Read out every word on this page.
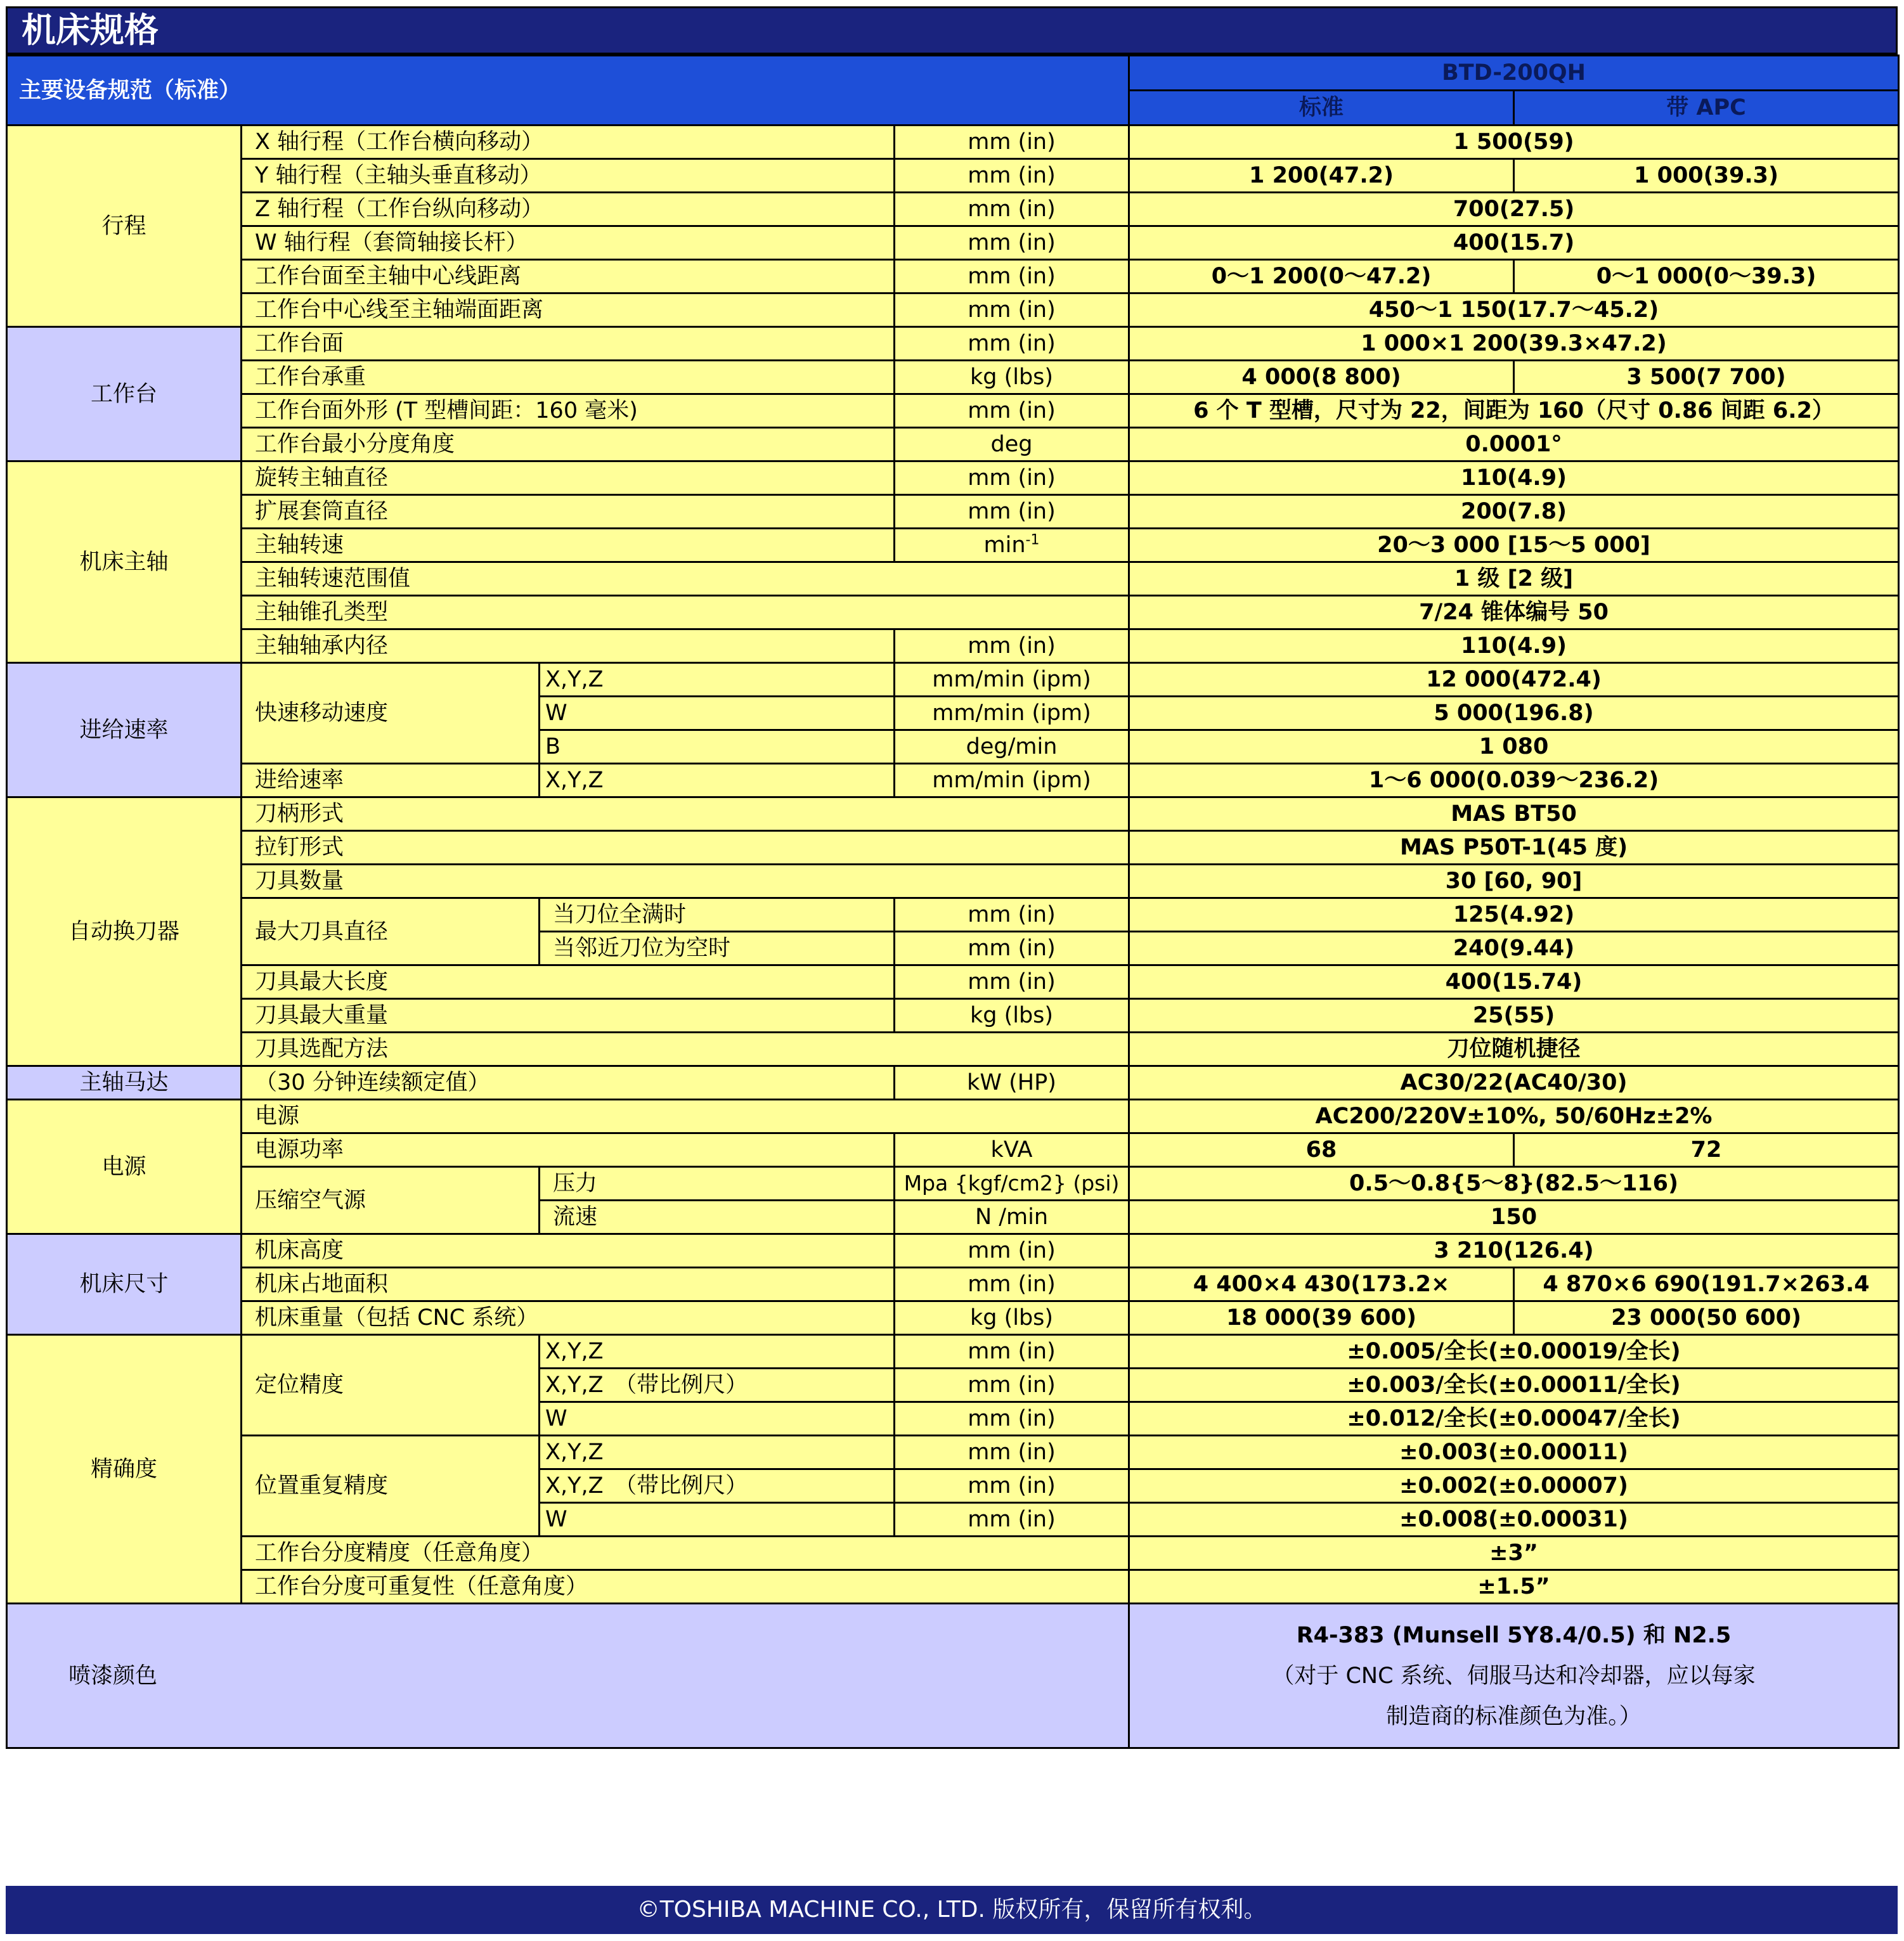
机床规格
主要设备规范（标准）				BTD-200QH	
				标准	带 APC
行程	X 轴行程（工作台横向移动）		mm (in)	1 500(59)	
	Y 轴行程（主轴头垂直移动）		mm (in)	1 200(47.2)	1 000(39.3)
	Z 轴行程（工作台纵向移动）		mm (in)	700(27.5)	
	W 轴行程（套筒轴接长杆）		mm (in)	400(15.7)	
	工作台面至主轴中心线距离		mm (in)	0～1 200(0～47.2)	0～1 000(0～39.3)
	工作台中心线至主轴端面距离		mm (in)	450～1 150(17.7～45.2)	
工作台	工作台面		mm (in)	1 000×1 200(39.3×47.2)	
	工作台承重		kg (lbs)	4 000(8 800)	3 500(7 700)
	工作台面外形 (T 型槽间距：160 毫米)		mm (in)	6 个 T 型槽，尺寸为 22，间距为 160（尺寸 0.86 间距 6.2）	
	工作台最小分度角度		deg	0.0001°	
机床主轴	旋转主轴直径		mm (in)	110(4.9)	
	扩展套筒直径		mm (in)	200(7.8)	
	主轴转速		$\min^{-1}$	20～3 000 [15～5 000]	
	主轴转速范围值			1 级 [2 级]	
	主轴锥孔类型			7/24 锥体编号 50	
	主轴轴承内径		mm (in)	110(4.9)	
进给速率	快速移动速度	X,Y,Z	mm/min (ipm)	12 000(472.4)	
		W	mm/min (ipm)	5 000(196.8)	
		B	deg/min	1 080	
	进给速率	X,Y,Z	mm/min (ipm)	1～6 000(0.039～236.2)	
自动换刀器	刀柄形式			MAS BT50	
	拉钉形式			MAS P50T-1(45 度)	
	刀具数量			30 [60, 90]	
	最大刀具直径	当刀位全满时	mm (in)	125(4.92)	
		当邻近刀位为空时	mm (in)	240(9.44)	
	刀具最大长度		mm (in)	400(15.74)	
	刀具最大重量		kg (lbs)	25(55)	
	刀具选配方法			刀位随机捷径	
主轴马达	（30 分钟连续额定值）		kW (HP)	AC30/22(AC40/30)	
电源	电源			AC200/220V±10%, 50/60Hz±2%	
	电源功率		kVA	68	72
	压缩空气源	压力	Mpa {kgf/cm2} (psi)	0.5～0.8{5～8}(82.5～116)	
		流速	N /min	150	
机床尺寸	机床高度		mm (in)	3 210(126.4)	
	机床占地面积		mm (in)	4 400×4 430(173.2×	4 870×6 690(191.7×263.4
	机床重量（包括 CNC 系统）		kg (lbs)	18 000(39 600)	23 000(50 600)
精确度	定位精度	X,Y,Z	mm (in)	±0.005/全长(±0.00019/全长)	
		X,Y,Z　（带比例尺）	mm (in)	±0.003/全长(±0.00011/全长)	
		W	mm (in)	±0.012/全长(±0.00047/全长)	
	位置重复精度	X,Y,Z	mm (in)	±0.003(±0.00011)	
		X,Y,Z　（带比例尺）	mm (in)	±0.002(±0.00007)	
		W	mm (in)	±0.008(±0.00031)	
	工作台分度精度（任意角度）			±3”	
	工作台分度可重复性（任意角度）			±1.5”	
喷漆颜色				R4-383 (Munsell 5Y8.4/0.5) 和 N2.5
（对于 CNC 系统、伺服马达和冷却器，应以每家
制造商的标准颜色为准。）	
©TOSHIBA MACHINE CO., LTD. 版权所有，保留所有权利。
